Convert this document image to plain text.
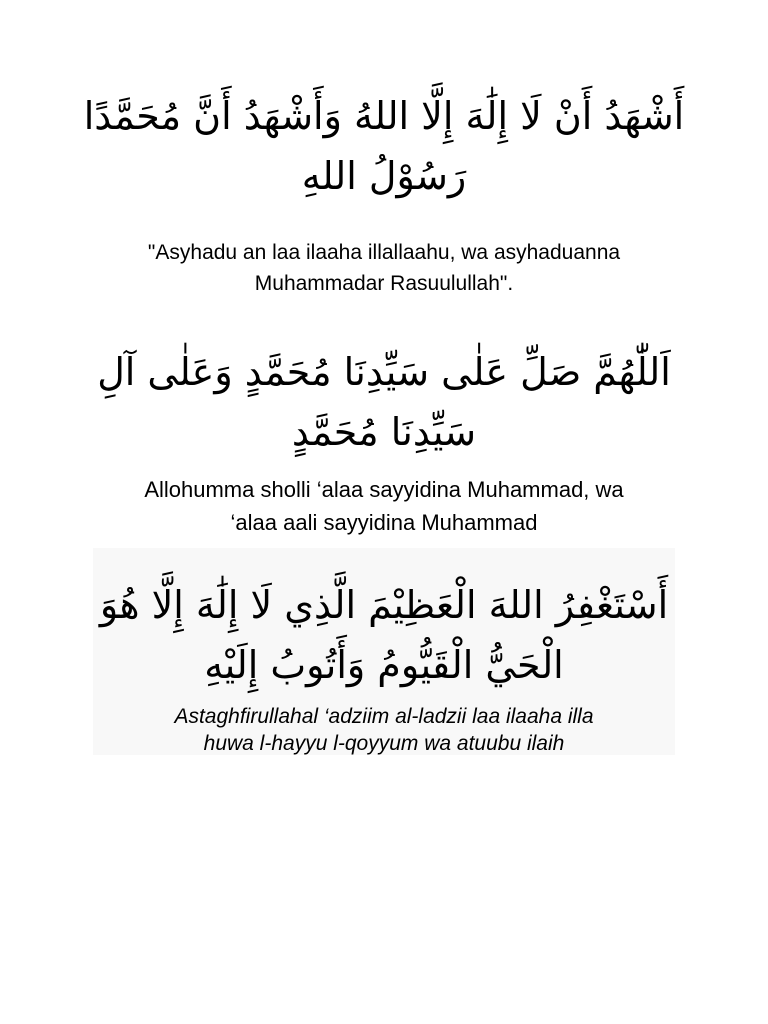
أَشْهَدُ أَنْ لَا إِلَٰهَ إِلَّا اللهُ وَأَشْهَدُ أَنَّ مُحَمَّدًا
رَسُوْلُ اللهِ

"Asyhadu an laa ilaaha illallaahu, wa asyhaduanna
Muhammadar Rasuulullah".

اَللّٰهُمَّ صَلِّ عَلٰى سَيِّدِنَا مُحَمَّدٍ وَعَلٰى آلِ
سَيِّدِنَا مُحَمَّدٍ

Allohumma sholli ‘alaa sayyidina Muhammad, wa
‘alaa aali sayyidina Muhammad

أَسْتَغْفِرُ اللهَ الْعَظِيْمَ الَّذِي لَا إِلَٰهَ إِلَّا هُوَ
الْحَيُّ الْقَيُّومُ وَأَتُوبُ إِلَيْهِ

Astaghfirullahal ‘adziim al-ladzii laa ilaaha illa
huwa l-hayyu l-qoyyum wa atuubu ilaih
